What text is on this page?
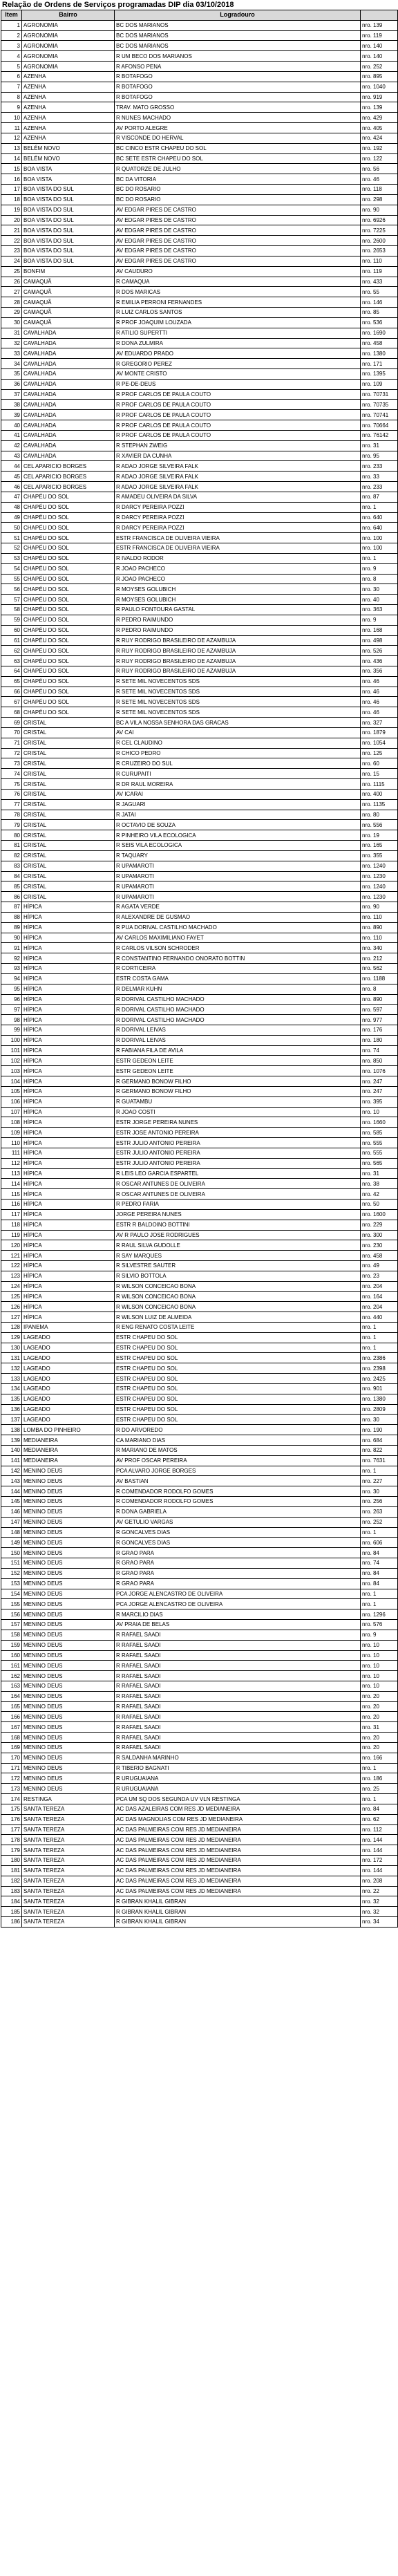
Relação de Ordens de Serviços programadas DIP dia 03/10/2018
Item	Bairro	Logradouro	
1	AGRONOMIA	BC DOS MARIANOS	nro. 139
2	AGRONOMIA	BC DOS MARIANOS	nro. 119
3	AGRONOMIA	BC DOS MARIANOS	nro. 140
4	AGRONOMIA	R UM BECO DOS MARIANOS	nro. 140
5	AGRONOMIA	R AFONSO PENA	nro. 252
6	AZENHA	R BOTAFOGO	nro. 895
7	AZENHA	R BOTAFOGO	nro. 1040
8	AZENHA	R BOTAFOGO	nro. 919
9	AZENHA	TRAV. MATO GROSSO	nro. 139
10	AZENHA	R NUNES MACHADO	nro. 429
11	AZENHA	AV PORTO ALEGRE	nro. 405
12	AZENHA	R VISCONDE DO HERVAL	nro. 424
13	BELÉM NOVO	BC CINCO ESTR CHAPEU DO SOL	nro. 192
14	BELÉM NOVO	BC SETE ESTR CHAPEU DO SOL	nro. 122
15	BOA VISTA	R QUATORZE DE JULHO	nro. 56
16	BOA VISTA	BC DA VITORIA	nro. 46
17	BOA VISTA DO SUL	BC DO ROSARIO	nro. 118
18	BOA VISTA DO SUL	BC DO ROSARIO	nro. 298
19	BOA VISTA DO SUL	AV EDGAR PIRES DE CASTRO	nro. 90
20	BOA VISTA DO SUL	AV EDGAR PIRES DE CASTRO	nro. 6926
21	BOA VISTA DO SUL	AV EDGAR PIRES DE CASTRO	nro. 7225
22	BOA VISTA DO SUL	AV EDGAR PIRES DE CASTRO	nro. 2600
23	BOA VISTA DO SUL	AV EDGAR PIRES DE CASTRO	nro. 2653
24	BOA VISTA DO SUL	AV EDGAR PIRES DE CASTRO	nro. 110
25	BONFIM	AV CAUDURO	nro. 119
26	CAMAQUÃ	R CAMAQUA	nro. 433
27	CAMAQUÃ	R DOS MARICAS	nro. 55
28	CAMAQUÃ	R EMILIA PERRONI FERNANDES	nro. 146
29	CAMAQUÃ	R LUIZ CARLOS SANTOS	nro. 85
30	CAMAQUÃ	R PROF JOAQUIM LOUZADA	nro. 536
31	CAVALHADA	R ATILIO SUPERTTI	nro. 1690
32	CAVALHADA	R DONA ZULMIRA	nro. 458
33	CAVALHADA	AV EDUARDO PRADO	nro. 1380
34	CAVALHADA	R GREGORIO PEREZ	nro. 171
35	CAVALHADA	AV MONTE CRISTO	nro. 1395
36	CAVALHADA	R PE-DE-DEUS	nro. 109
37	CAVALHADA	R PROF CARLOS DE PAULA COUTO	nro. 70731
38	CAVALHADA	R PROF CARLOS DE PAULA COUTO	nro. 70735
39	CAVALHADA	R PROF CARLOS DE PAULA COUTO	nro. 70741
40	CAVALHADA	R PROF CARLOS DE PAULA COUTO	nro. 70664
41	CAVALHADA	R PROF CARLOS DE PAULA COUTO	nro. 76142
42	CAVALHADA	R STEPHAN ZWEIG	nro. 31
43	CAVALHADA	R XAVIER DA CUNHA	nro. 95
44	CEL APARICIO BORGES	R ADAO JORGE SILVEIRA FALK	nro. 233
45	CEL APARICIO BORGES	R ADAO JORGE SILVEIRA FALK	nro. 33
46	CEL APARICIO BORGES	R ADAO JORGE SILVEIRA FALK	nro. 233
47	CHAPÉU DO SOL	R AMADEU OLIVEIRA DA SILVA	nro. 87
48	CHAPÉU DO SOL	R DARCY PEREIRA POZZI	nro. 1
49	CHAPÉU DO SOL	R DARCY PEREIRA POZZI	nro. 640
50	CHAPÉU DO SOL	R DARCY PEREIRA POZZI	nro. 640
51	CHAPÉU DO SOL	ESTR FRANCISCA DE OLIVEIRA VIEIRA	nro. 100
52	CHAPÉU DO SOL	ESTR FRANCISCA DE OLIVEIRA VIEIRA	nro. 100
53	CHAPÉU DO SOL	R IVALDO RODOR	nro. 1
54	CHAPÉU DO SOL	R JOAO PACHECO	nro. 9
55	CHAPÉU DO SOL	R JOAO PACHECO	nro. 8
56	CHAPÉU DO SOL	R MOYSES GOLUBICH	nro. 30
57	CHAPÉU DO SOL	R MOYSES GOLUBICH	nro. 40
58	CHAPÉU DO SOL	R PAULO FONTOURA GASTAL	nro. 363
59	CHAPÉU DO SOL	R PEDRO RAIMUNDO	nro. 9
60	CHAPÉU DO SOL	R PEDRO RAIMUNDO	nro. 168
61	CHAPÉU DO SOL	R RUY RODRIGO BRASILEIRO DE AZAMBUJA	nro. 498
62	CHAPÉU DO SOL	R RUY RODRIGO BRASILEIRO DE AZAMBUJA	nro. 526
63	CHAPÉU DO SOL	R RUY RODRIGO BRASILEIRO DE AZAMBUJA	nro. 436
64	CHAPÉU DO SOL	R RUY RODRIGO BRASILEIRO DE AZAMBUJA	nro. 356
65	CHAPÉU DO SOL	R SETE MIL NOVECENTOS SDS	nro. 46
66	CHAPÉU DO SOL	R SETE MIL NOVECENTOS SDS	nro. 46
67	CHAPÉU DO SOL	R SETE MIL NOVECENTOS SDS	nro. 46
68	CHAPÉU DO SOL	R SETE MIL NOVECENTOS SDS	nro. 46
69	CRISTAL	BC A VILA NOSSA SENHORA DAS GRACAS	nro. 327
70	CRISTAL	AV CAI	nro. 1879
71	CRISTAL	R CEL CLAUDINO	nro. 1054
72	CRISTAL	R CHICO PEDRO	nro. 125
73	CRISTAL	R CRUZEIRO DO SUL	nro. 60
74	CRISTAL	R CURUPAITI	nro. 15
75	CRISTAL	R DR RAUL MOREIRA	nro. 1115
76	CRISTAL	AV ICARAI	nro. 400
77	CRISTAL	R JAGUARI	nro. 1135
78	CRISTAL	R JATAI	nro. 80
79	CRISTAL	R OCTAVIO DE SOUZA	nro. 556
80	CRISTAL	R PINHEIRO VILA ECOLOGICA	nro. 19
81	CRISTAL	R SEIS VILA ECOLOGICA	nro. 165
82	CRISTAL	R TAQUARY	nro. 355
83	CRISTAL	R UPAMAROTI	nro. 1240
84	CRISTAL	R UPAMAROTI	nro. 1230
85	CRISTAL	R UPAMAROTI	nro. 1240
86	CRISTAL	R UPAMAROTI	nro. 1230
87	HÍPICA	R AGATA VERDE	nro. 90
88	HÍPICA	R ALEXANDRE DE GUSMAO	nro. 110
89	HÍPICA	R PUA DORIVAL CASTILHO MACHADO	nro. 890
90	HÍPICA	AV CARLOS MAXIMILIANO FAYET	nro. 110
91	HÍPICA	R CARLOS VILSON SCHRODER	nro. 340
92	HÍPICA	R CONSTANTINO FERNANDO ONORATO BOTTIN	nro. 212
93	HÍPICA	R CORTICEIRA	nro. 562
94	HÍPICA	ESTR COSTA GAMA	nro. 1188
95	HÍPICA	R DELMAR KUHN	nro. 8
96	HÍPICA	R DORIVAL CASTILHO MACHADO	nro. 890
97	HÍPICA	R DORIVAL CASTILHO MACHADO	nro. 597
98	HÍPICA	R DORIVAL CASTILHO MACHADO	nro. 977
99	HÍPICA	R DORIVAL LEIVAS	nro. 176
100	HÍPICA	R DORIVAL LEIVAS	nro. 180
101	HÍPICA	R FABIANA FILA DE AVILA	nro. 74
102	HÍPICA	ESTR GEDEON LEITE	nro. 850
103	HÍPICA	ESTR GEDEON LEITE	nro. 1076
104	HÍPICA	R GERMANO BONOW FILHO	nro. 247
105	HÍPICA	R GERMANO BONOW FILHO	nro. 247
106	HÍPICA	R GUATAMBU	nro. 395
107	HÍPICA	R JOAO COSTI	nro. 10
108	HÍPICA	ESTR JORGE PEREIRA NUNES	nro. 1660
109	HÍPICA	ESTR JOSE ANTONIO PEREIRA	nro. 585
110	HÍPICA	ESTR JULIO ANTONIO PEREIRA	nro. 555
111	HÍPICA	ESTR JULIO ANTONIO PEREIRA	nro. 555
112	HÍPICA	ESTR JULIO ANTONIO PEREIRA	nro. 565
113	HÍPICA	R LEIS LEO GARCIA ESPARTEL	nro. 31
114	HÍPICA	R OSCAR ANTUNES DE OLIVEIRA	nro. 38
115	HÍPICA	R OSCAR ANTUNES DE OLIVEIRA	nro. 42
116	HÍPICA	R PEDRO FARIA	nro. 50
117	HÍPICA	JORGE PEREIRA NUNES	nro. 1600
118	HÍPICA	ESTR R BALDOINO BOTTINI	nro. 229
119	HÍPICA	AV R PAULO JOSE RODRIGUES	nro. 300
120	HÍPICA	R RAUL SILVA GUDOLLE	nro. 230
121	HÍPICA	R SAY MARQUES	nro. 458
122	HÍPICA	R SILVESTRE SAUTER	nro. 49
123	HÍPICA	R SILVIO BOTTOLA	nro. 23
124	HÍPICA	R WILSON CONCEICAO BONA	nro. 204
125	HÍPICA	R WILSON CONCEICAO BONA	nro. 164
126	HÍPICA	R WILSON CONCEICAO BONA	nro. 204
127	HÍPICA	R WILSON LUIZ DE ALMEIDA	nro. 440
128	IPANEMA	R ENG RENATO COSTA LEITE	nro. 1
129	LAGEADO	ESTR CHAPEU DO SOL	nro. 1
130	LAGEADO	ESTR CHAPEU DO SOL	nro. 1
131	LAGEADO	ESTR CHAPEU DO SOL	nro. 2386
132	LAGEADO	ESTR CHAPEU DO SOL	nro. 2398
133	LAGEADO	ESTR CHAPEU DO SOL	nro. 2425
134	LAGEADO	ESTR CHAPEU DO SOL	nro. 901
135	LAGEADO	ESTR CHAPEU DO SOL	nro. 1380
136	LAGEADO	ESTR CHAPEU DO SOL	nro. 2809
137	LAGEADO	ESTR CHAPEU DO SOL	nro. 30
138	LOMBA DO PINHEIRO	R DO ARVOREDO	nro. 190
139	MEDIANEIRA	CA MARIANO DIAS	nro. 684
140	MEDIANEIRA	R MARIANO DE MATOS	nro. 822
141	MEDIANEIRA	AV PROF OSCAR PEREIRA	nro. 7631
142	MENINO DEUS	PCA ALVARO JORGE BORGES	nro. 1
143	MENINO DEUS	AV BASTIAN	nro. 227
144	MENINO DEUS	R COMENDADOR RODOLFO GOMES	nro. 30
145	MENINO DEUS	R COMENDADOR RODOLFO GOMES	nro. 256
146	MENINO DEUS	R DONA GABRIELA	nro. 263
147	MENINO DEUS	AV GETULIO VARGAS	nro. 252
148	MENINO DEUS	R GONCALVES DIAS	nro. 1
149	MENINO DEUS	R GONCALVES DIAS	nro. 606
150	MENINO DEUS	R GRAO PARA	nro. 84
151	MENINO DEUS	R GRAO PARA	nro. 74
152	MENINO DEUS	R GRAO PARA	nro. 84
153	MENINO DEUS	R GRAO PARA	nro. 84
154	MENINO DEUS	PCA JORGE ALENCASTRO DE OLIVEIRA	nro. 1
155	MENINO DEUS	PCA JORGE ALENCASTRO DE OLIVEIRA	nro. 1
156	MENINO DEUS	R MARCILIO DIAS	nro. 1296
157	MENINO DEUS	AV PRAIA DE BELAS	nro. 576
158	MENINO DEUS	R RAFAEL SAADI	nro. 9
159	MENINO DEUS	R RAFAEL SAADI	nro. 10
160	MENINO DEUS	R RAFAEL SAADI	nro. 10
161	MENINO DEUS	R RAFAEL SAADI	nro. 10
162	MENINO DEUS	R RAFAEL SAADI	nro. 10
163	MENINO DEUS	R RAFAEL SAADI	nro. 10
164	MENINO DEUS	R RAFAEL SAADI	nro. 20
165	MENINO DEUS	R RAFAEL SAADI	nro. 20
166	MENINO DEUS	R RAFAEL SAADI	nro. 20
167	MENINO DEUS	R RAFAEL SAADI	nro. 31
168	MENINO DEUS	R RAFAEL SAADI	nro. 20
169	MENINO DEUS	R RAFAEL SAADI	nro. 20
170	MENINO DEUS	R SALDANHA MARINHO	nro. 166
171	MENINO DEUS	R TIBERIO BAGNATI	nro. 1
172	MENINO DEUS	R URUGUAIANA	nro. 186
173	MENINO DEUS	R URUGUAIANA	nro. 25
174	RESTINGA	PCA UM SQ DOS SEGUNDA UV VLN RESTINGA	nro. 1
175	SANTA TEREZA	AC DAS AZALEIRAS COM RES JD MEDIANEIRA	nro. 84
176	SANTA TEREZA	AC DAS MAGNOLIAS COM RES JD MEDIANEIRA	nro. 62
177	SANTA TEREZA	AC DAS PALMEIRAS COM RES JD MEDIANEIRA	nro. 112
178	SANTA TEREZA	AC DAS PALMEIRAS COM RES JD MEDIANEIRA	nro. 144
179	SANTA TEREZA	AC DAS PALMEIRAS COM RES JD MEDIANEIRA	nro. 144
180	SANTA TEREZA	AC DAS PALMEIRAS COM RES JD MEDIANEIRA	nro. 172
181	SANTA TEREZA	AC DAS PALMEIRAS COM RES JD MEDIANEIRA	nro. 144
182	SANTA TEREZA	AC DAS PALMEIRAS COM RES JD MEDIANEIRA	nro. 208
183	SANTA TEREZA	AC DAS PALMEIRAS COM RES JD MEDIANEIRA	nro. 22
184	SANTA TEREZA	R GIBRAN KHALIL GIBRAN	nro. 32
185	SANTA TEREZA	R GIBRAN KHALIL GIBRAN	nro. 32
186	SANTA TEREZA	R GIBRAN KHALIL GIBRAN	nro. 34
